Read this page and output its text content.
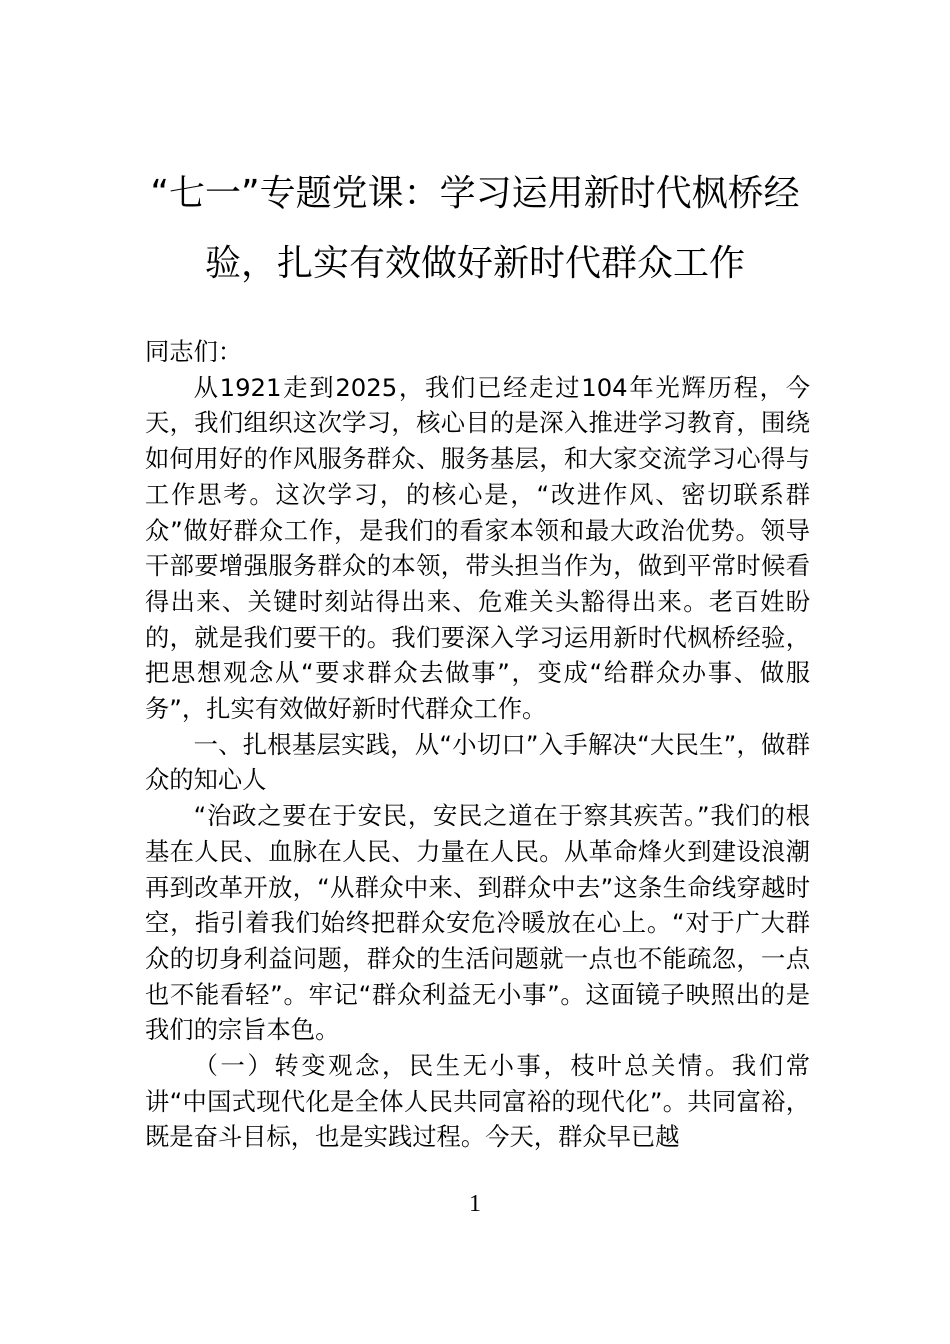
“七一”专题党课：学习运用新时代枫桥经
验，扎实有效做好新时代群众工作

同志们：

从1921走到2025，我们已经走过104年光辉历程，今天，我们组织这次学习，核心目的是深入推进学习教育，围绕如何用好的作风服务群众、服务基层，和大家交流学习心得与工作思考。这次学习，的核心是，“改进作风、密切联系群众”做好群众工作，是我们的看家本领和最大政治优势。领导干部要增强服务群众的本领，带头担当作为，做到平常时候看得出来、关键时刻站得出来、危难关头豁得出来。老百姓盼的，就是我们要干的。我们要深入学习运用新时代枫桥经验，把思想观念从“要求群众去做事”，变成“给群众办事、做服务”，扎实有效做好新时代群众工作。

一、扎根基层实践，从“小切口”入手解决“大民生”，做群众的知心人

“治政之要在于安民，安民之道在于察其疾苦。”我们的根基在人民、血脉在人民、力量在人民。从革命烽火到建设浪潮再到改革开放，“从群众中来、到群众中去”这条生命线穿越时空，指引着我们始终把群众安危冷暖放在心上。“对于广大群众的切身利益问题，群众的生活问题就一点也不能疏忽，一点也不能看轻”。牢记“群众利益无小事”。这面镜子映照出的是我们的宗旨本色。

（一）转变观念，民生无小事，枝叶总关情。我们常讲“中国式现代化是全体人民共同富裕的现代化”。共同富裕，既是奋斗目标，也是实践过程。今天，群众早已越

1
